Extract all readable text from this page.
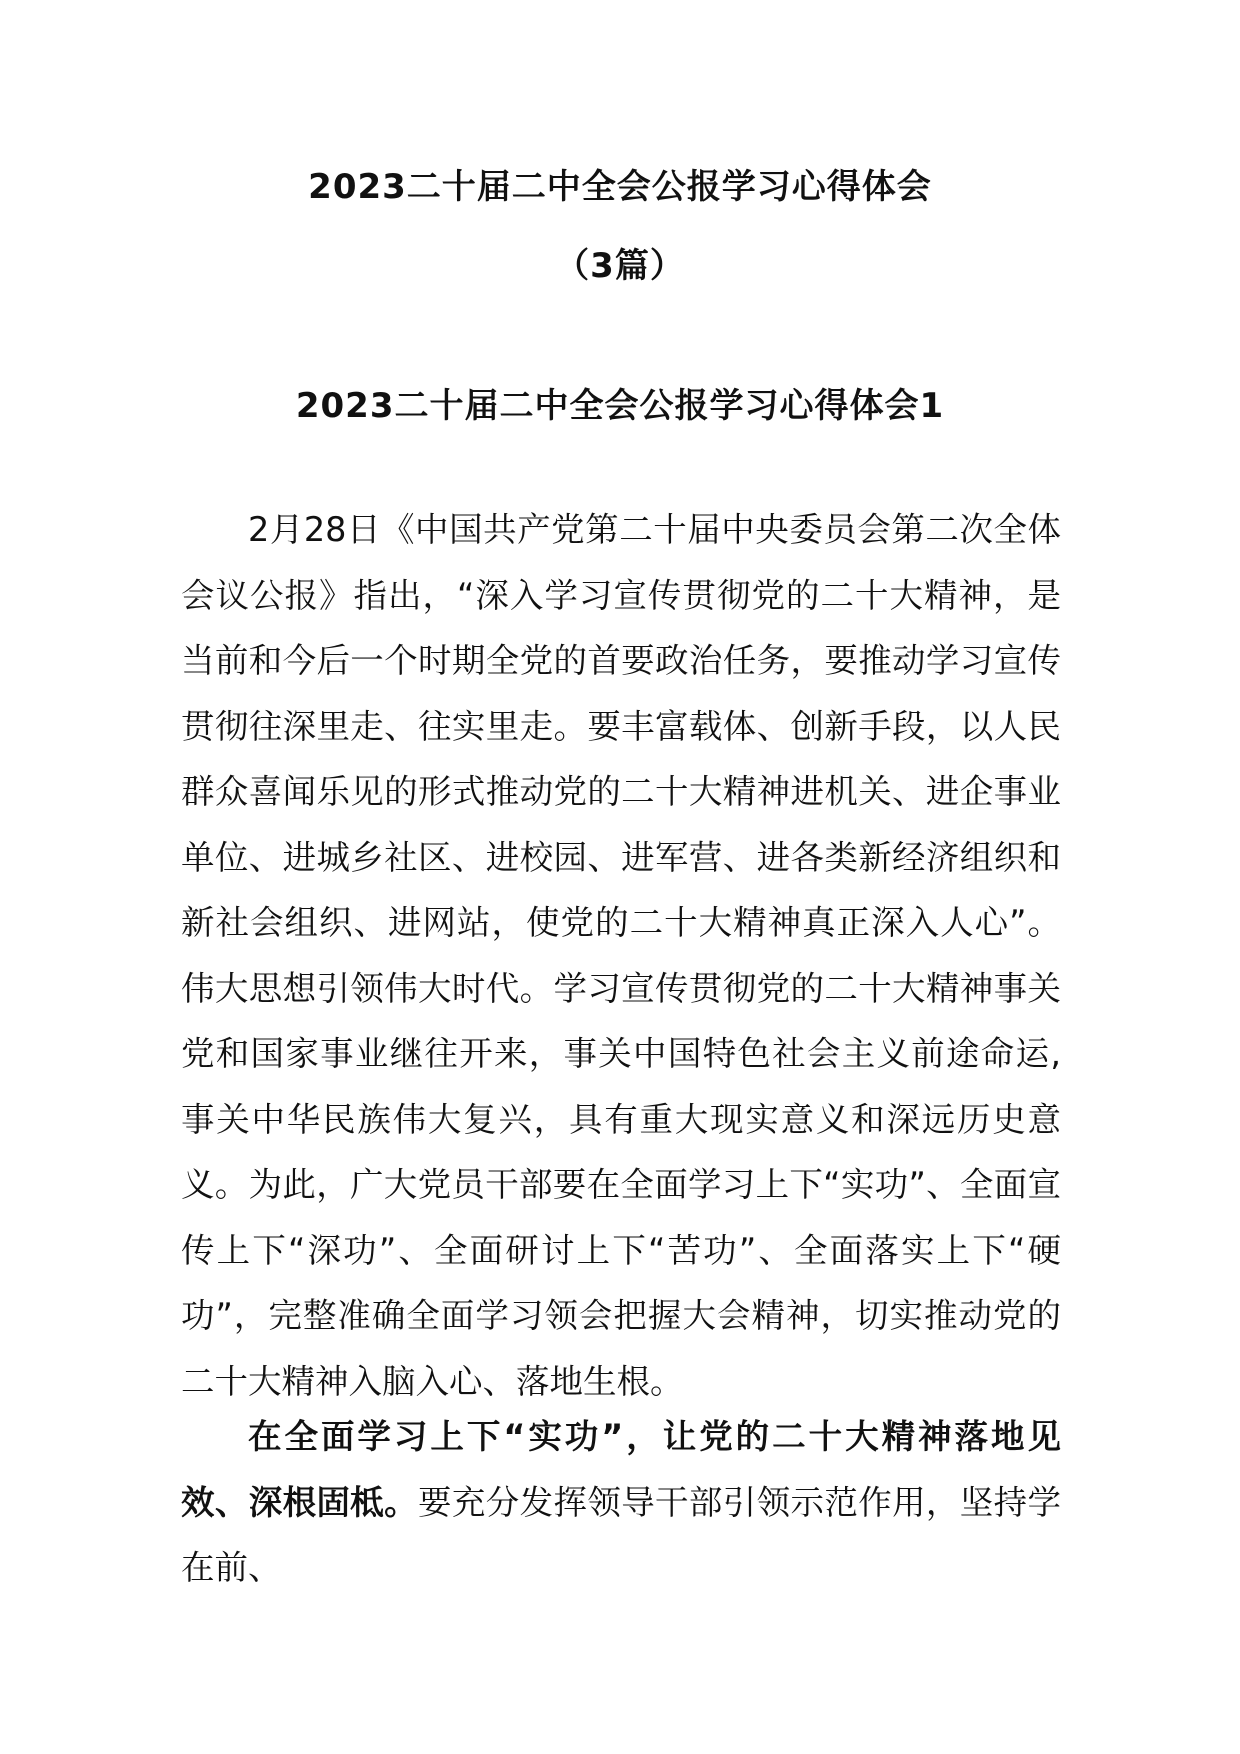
2023二十届二中全会公报学习心得体会
（3篇）
2023二十届二中全会公报学习心得体会1

2月28日《中国共产党第二十届中央委员会第二次全体会议公报》指出，“深入学习宣传贯彻党的二十大精神，是当前和今后一个时期全党的首要政治任务，要推动学习宣传贯彻往深里走、往实里走。要丰富载体、创新手段，以人民群众喜闻乐见的形式推动党的二十大精神进机关、进企事业单位、进城乡社区、进校园、进军营、进各类新经济组织和新社会组织、进网站，使党的二十大精神真正深入人心”。伟大思想引领伟大时代。学习宣传贯彻党的二十大精神事关党和国家事业继往开来，事关中国特色社会主义前途命运,事关中华民族伟大复兴，具有重大现实意义和深远历史意义。为此，广大党员干部要在全面学习上下“实功”、全面宣传上下“深功”、全面研讨上下“苦功”、全面落实上下“硬功”，完整准确全面学习领会把握大会精神，切实推动党的二十大精神入脑入心、落地生根。

在全面学习上下“实功”，让党的二十大精神落地见效、深根固柢。要充分发挥领导干部引领示范作用，坚持学在前、
